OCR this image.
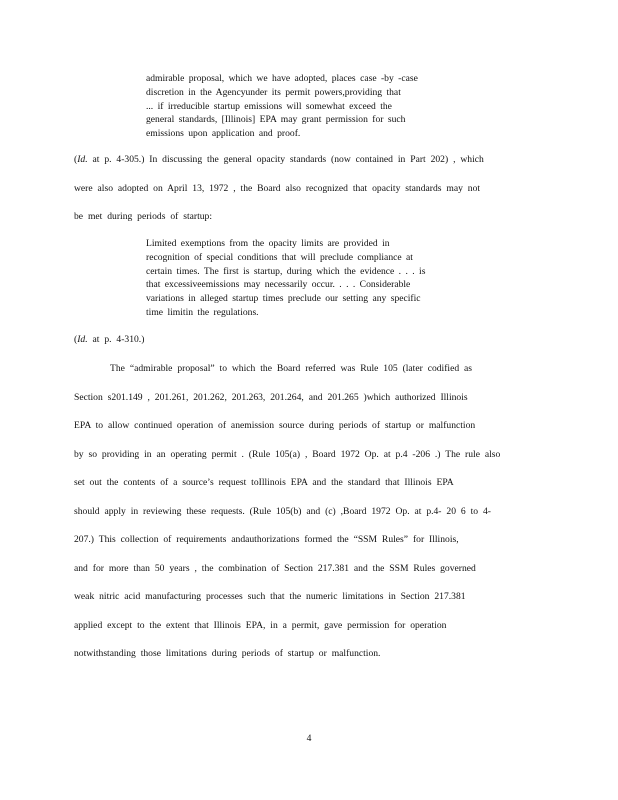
admirable proposal, which we have adopted, places case -by -case
discretion in the Agencyunder its permit powers,providing that
... if irreducible startup emissions will somewhat exceed the
general standards, [Illinois] EPA may grant permission for such
emissions upon application and proof.
(Id. at p. 4-305.) In discussing the general opacity standards (now contained in Part 202) , which
were also adopted on April 13, 1972 , the Board also recognized that opacity standards may not
be met during periods of startup:
Limited exemptions from the opacity limits are provided in
recognition of special conditions that will preclude compliance at
certain times. The first is startup, during which the evidence . . . is
that excessiveemissions may necessarily occur. . . . Considerable
variations in alleged startup times preclude our setting any specific
time limitin the regulations.
(Id. at p. 4-310.)
The “admirable proposal” to which the Board referred was Rule 105 (later codified as
Section s201.149 , 201.261, 201.262, 201.263, 201.264, and 201.265 )which authorized Illinois
EPA to allow continued operation of anemission source during periods of startup or malfunction
by so providing in an operating permit . (Rule 105(a) , Board 1972 Op. at p.4 -206 .) The rule also
set out the contents of a source’s request toIllinois EPA and the standard that Illinois EPA
should apply in reviewing these requests. (Rule 105(b) and (c) ,Board 1972 Op. at p.4- 20 6 to 4-
207.) This collection of requirements andauthorizations formed the “SSM Rules” for Illinois,
and for more than 50 years , the combination of Section 217.381 and the SSM Rules governed
weak nitric acid manufacturing processes such that the numeric limitations in Section 217.381
applied except to the extent that Illinois EPA, in a permit, gave permission for operation
notwithstanding those limitations during periods of startup or malfunction.
4
